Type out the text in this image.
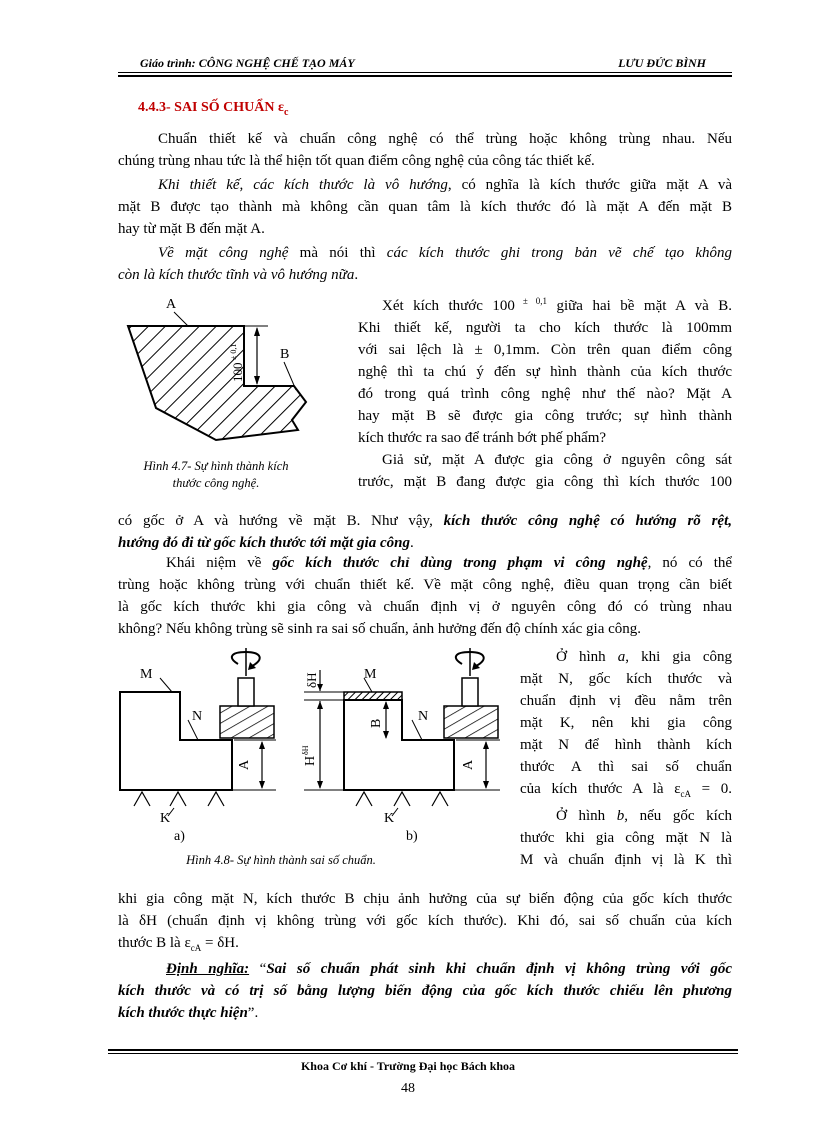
Giáo trình: CÔNG NGHỆ CHẾ TẠO MÁY	LƯU ĐỨC BÌNH
4.4.3- SAI SỐ CHUẨN $\varepsilon_c$
Chuẩn thiết kế và chuẩn công nghệ có thể trùng hoặc không trùng nhau. Nếu
chúng trùng nhau tức là thể hiện tốt quan điểm công nghệ của công tác thiết kế.
Khi thiết kế, các kích thước là vô hướng, có nghĩa là kích thước giữa mặt A và
mặt B được tạo thành mà không cần quan tâm là kích thước đó là mặt A đến mặt B
hay từ mặt B đến mặt A.
Về mặt công nghệ mà nói thì các kích thước ghi trong bản vẽ chế tạo không
còn là kích thước tĩnh và vô hướng nữa.
A
B
100
± 0,1
Hình 4.7- Sự hình thành kích
thước công nghệ.
Xét kích thước 100 $^{\pm 0,1}$ giữa hai bề mặt A và B.
Khi thiết kế, người ta cho kích thước là 100mm
với sai lệch là ± 0,1mm. Còn trên quan điểm công
nghệ thì ta chú ý đến sự hình thành của kích thước
đó trong quá trình công nghệ như thế nào? Mặt A
hay mặt B sẽ được gia công trước; sự hình thành
kích thước ra sao để tránh bớt phế phẩm?
Giả sử, mặt A được gia công ở nguyên công sát
trước, mặt B đang được gia công thì kích thước 100
có gốc ở A và hướng về mặt B. Như vậy, kích thước công nghệ có hướng rõ rệt,
hướng đó đi từ gốc kích thước tới mặt gia công.
Khái niệm về gốc kích thước chỉ dùng trong phạm vi công nghệ, nó có thể
trùng hoặc không trùng với chuẩn thiết kế. Về mặt công nghệ, điều quan trọng cần biết
là gốc kích thước khi gia công và chuẩn định vị ở nguyên công đó có trùng nhau
không? Nếu không trùng sẽ sinh ra sai số chuẩn, ảnh hưởng đến độ chính xác gia công.
M
N
A
K
a)
δH	M
B N
H
δH
A
K
b)
Hình 4.8- Sự hình thành sai số chuẩn.
Ở hình a, khi gia công
mặt N, gốc kích thước và
chuẩn định vị đều nằm trên
mặt K, nên khi gia công
mặt N để hình thành kích
thước A thì sai số chuẩn
của kích thước A là $\varepsilon_{cA} = 0$.
Ở hình b, nếu gốc kích
thước khi gia công mặt N là
M và chuẩn định vị là K thì
khi gia công mặt N, kích thước B chịu ảnh hưởng của sự biến động của gốc kích thước
là δH (chuẩn định vị không trùng với gốc kích thước). Khi đó, sai số chuẩn của kích
thước B là $\varepsilon_{cA} = \delta H$.
Định nghĩa: “Sai số chuẩn phát sinh khi chuẩn định vị không trùng với gốc
kích thước và có trị số bằng lượng biến động của gốc kích thước chiếu lên phương
kích thước thực hiện”.
Khoa Cơ khí - Trường Đại học Bách khoa
48
